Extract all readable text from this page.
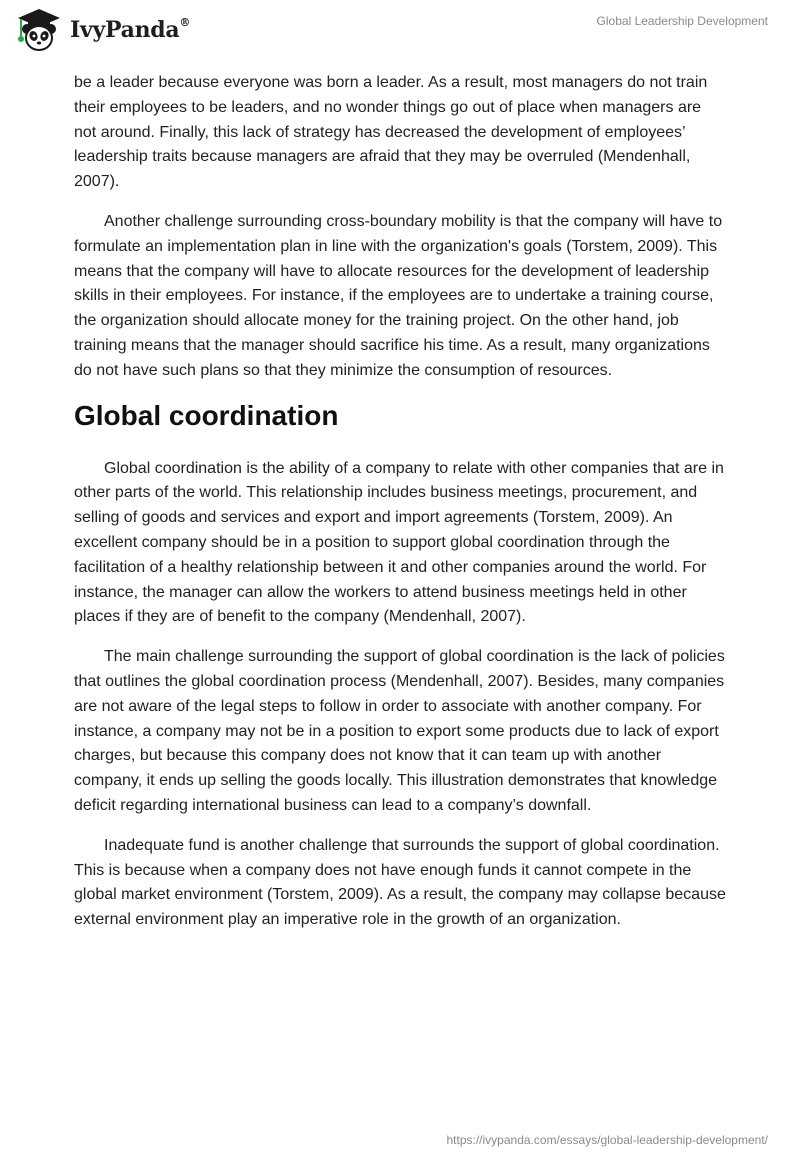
IvyPanda®	Global Leadership Development

be a leader because everyone was born a leader. As a result, most managers do not train their employees to be leaders, and no wonder things go out of place when managers are not around. Finally, this lack of strategy has decreased the development of employees’ leadership traits because managers are afraid that they may be overruled (Mendenhall, 2007).

Another challenge surrounding cross-boundary mobility is that the company will have to formulate an implementation plan in line with the organization's goals (Torstem, 2009). This means that the company will have to allocate resources for the development of leadership skills in their employees. For instance, if the employees are to undertake a training course, the organization should allocate money for the training project. On the other hand, job training means that the manager should sacrifice his time. As a result, many organizations do not have such plans so that they minimize the consumption of resources.

Global coordination

Global coordination is the ability of a company to relate with other companies that are in other parts of the world. This relationship includes business meetings, procurement, and selling of goods and services and export and import agreements (Torstem, 2009). An excellent company should be in a position to support global coordination through the facilitation of a healthy relationship between it and other companies around the world. For instance, the manager can allow the workers to attend business meetings held in other places if they are of benefit to the company (Mendenhall, 2007).

The main challenge surrounding the support of global coordination is the lack of policies that outlines the global coordination process (Mendenhall, 2007). Besides, many companies are not aware of the legal steps to follow in order to associate with another company. For instance, a company may not be in a position to export some products due to lack of export charges, but because this company does not know that it can team up with another company, it ends up selling the goods locally. This illustration demonstrates that knowledge deficit regarding international business can lead to a company’s downfall.

Inadequate fund is another challenge that surrounds the support of global coordination. This is because when a company does not have enough funds it cannot compete in the global market environment (Torstem, 2009). As a result, the company may collapse because external environment play an imperative role in the growth of an organization.

https://ivypanda.com/essays/global-leadership-development/
